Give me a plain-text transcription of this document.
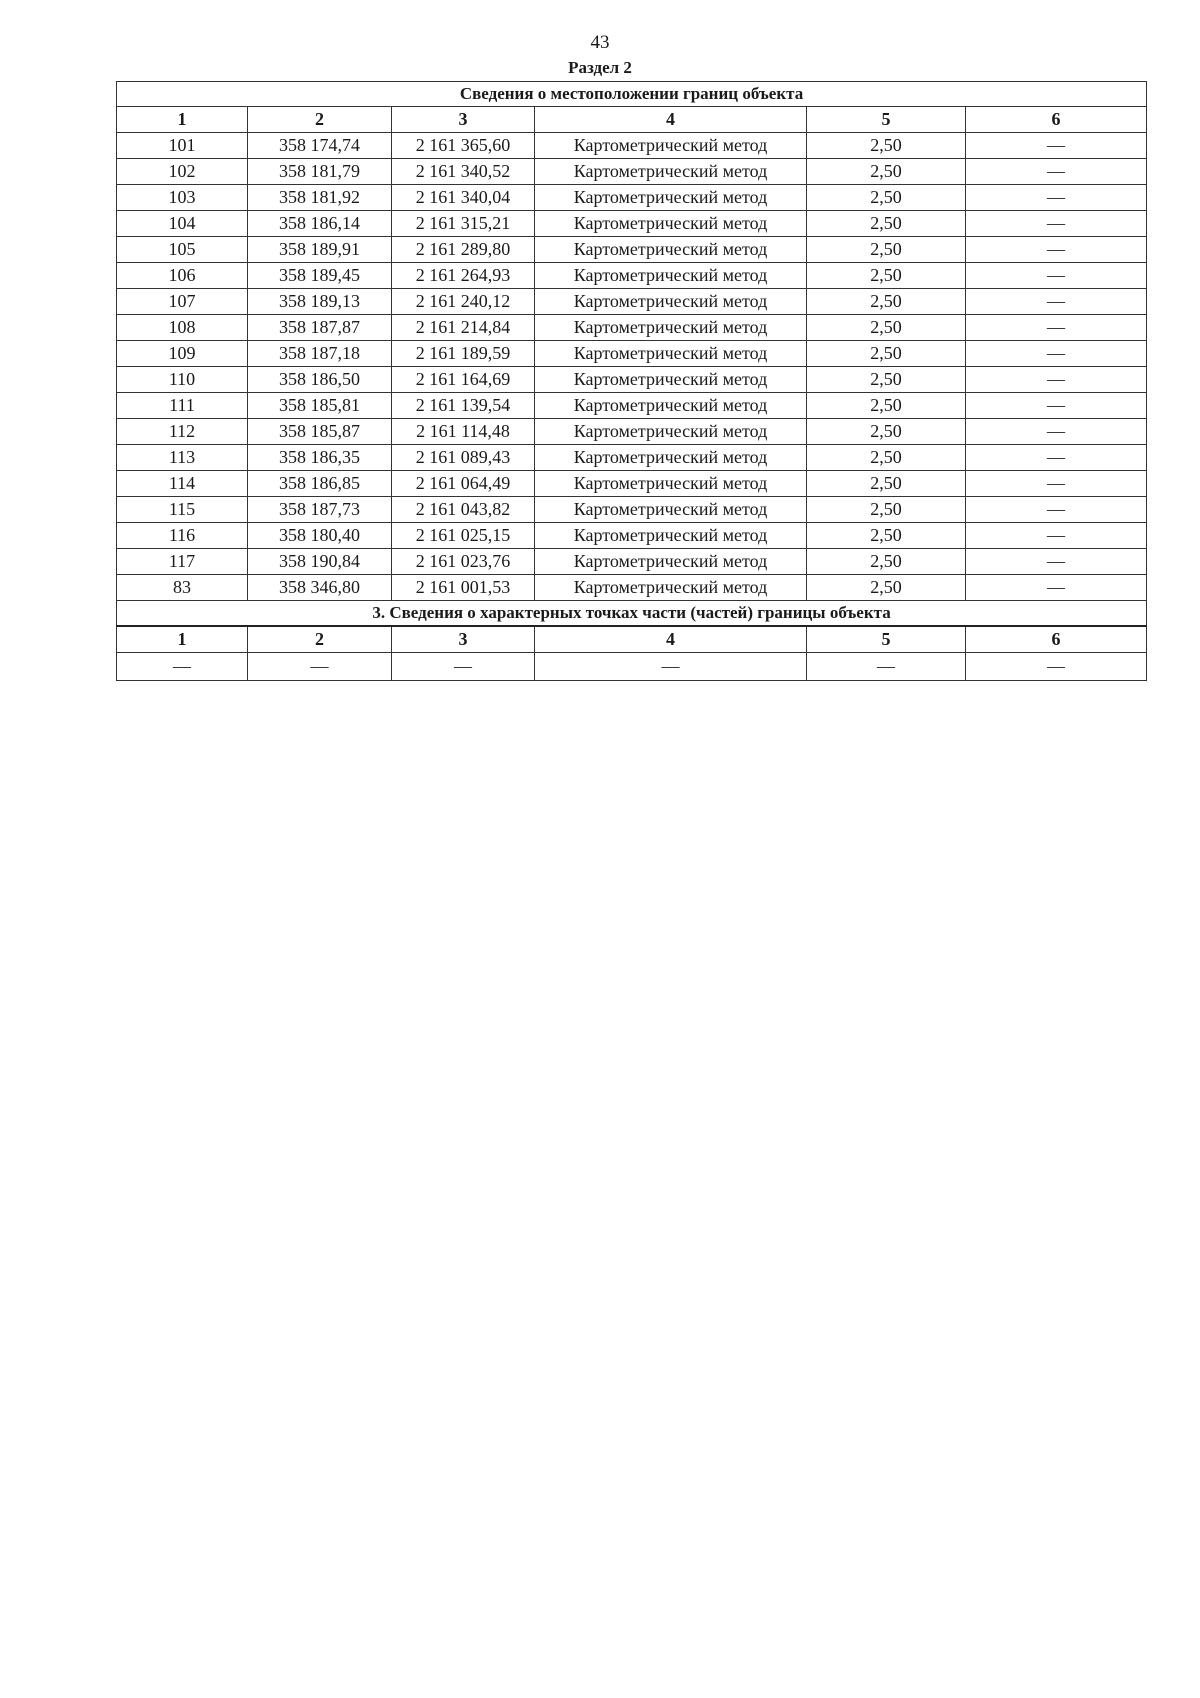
43
Раздел 2
Сведения о местоположении границ объекта					
1	2	3	4	5	6
101	358 174,74	2 161 365,60	Картометрический метод	2,50	—
102	358 181,79	2 161 340,52	Картометрический метод	2,50	—
103	358 181,92	2 161 340,04	Картометрический метод	2,50	—
104	358 186,14	2 161 315,21	Картометрический метод	2,50	—
105	358 189,91	2 161 289,80	Картометрический метод	2,50	—
106	358 189,45	2 161 264,93	Картометрический метод	2,50	—
107	358 189,13	2 161 240,12	Картометрический метод	2,50	—
108	358 187,87	2 161 214,84	Картометрический метод	2,50	—
109	358 187,18	2 161 189,59	Картометрический метод	2,50	—
110	358 186,50	2 161 164,69	Картометрический метод	2,50	—
111	358 185,81	2 161 139,54	Картометрический метод	2,50	—
112	358 185,87	2 161 114,48	Картометрический метод	2,50	—
113	358 186,35	2 161 089,43	Картометрический метод	2,50	—
114	358 186,85	2 161 064,49	Картометрический метод	2,50	—
115	358 187,73	2 161 043,82	Картометрический метод	2,50	—
116	358 180,40	2 161 025,15	Картометрический метод	2,50	—
117	358 190,84	2 161 023,76	Картометрический метод	2,50	—
83	358 346,80	2 161 001,53	Картометрический метод	2,50	—
3. Сведения о характерных точках части (частей) границы объекта					
1	2	3	4	5	6
—	—	—	—	—	—
